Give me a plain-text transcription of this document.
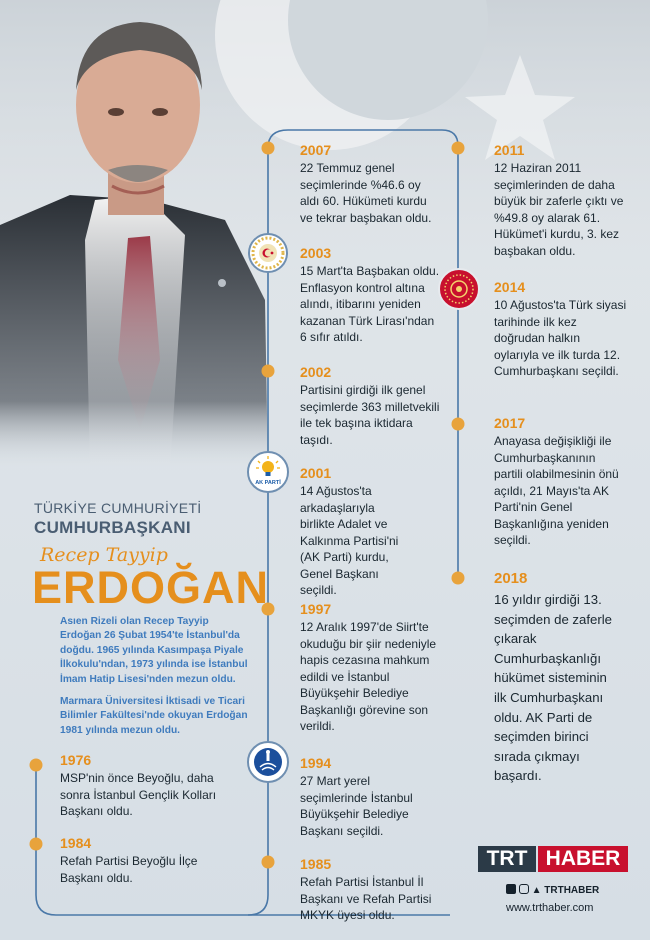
AK PARTİ
TÜRKİYE CUMHURİYETİ
CUMHURBAŞKANI
Recep Tayyip
ERDOĞAN
Asıen Rizeli olan Recep Tayyip Erdoğan 26 Şubat 1954'te İstanbul'da doğdu. 1965 yılında Kasımpaşa Piyale İlkokulu'ndan, 1973 yılında ise İstanbul İmam Hatip Lisesi'nden mezun oldu.
Marmara Üniversitesi İktisadi ve Ticari Bilimler Fakültesi'nde okuyan Erdoğan 1981 yılında mezun oldu.
1976
MSP'nin önce Beyoğlu, daha sonra İstanbul Gençlik Kolları Başkanı oldu.
1984
Refah Partisi Beyoğlu İlçe Başkanı oldu.
2007
22 Temmuz genel seçimlerinde %46.6 oy aldı 60. Hükümeti kurdu ve tekrar başbakan oldu.
2003
15 Mart'ta Başbakan oldu. Enflasyon kontrol altına alındı, itibarını yeniden kazanan Türk Lirası'ndan 6 sıfır atıldı.
2002
Partisini girdiği ilk genel seçimlerde 363 milletvekili ile tek başına iktidara taşıdı.
2001
14 Ağustos'ta arkadaşlarıyla birlikte Adalet ve Kalkınma Partisi'ni (AK Parti) kurdu, Genel Başkanı seçildi.
1997
12 Aralık 1997'de Siirt'te okuduğu bir şiir nedeniyle hapis cezasına mahkum edildi ve İstanbul Büyükşehir Belediye Başkanlığı görevine son verildi.
1994
27 Mart yerel seçimlerinde İstanbul Büyükşehir Belediye Başkanı seçildi.
1985
Refah Partisi İstanbul İl Başkanı ve Refah Partisi MKYK üyesi oldu.
2011
12 Haziran 2011 seçimlerinden de daha büyük bir zaferle çıktı ve %49.8 oy alarak 61. Hükümet'i kurdu, 3. kez başbakan oldu.
2014
10 Ağustos'ta Türk siyasi tarihinde ilk kez doğrudan halkın oylarıyla ve ilk turda 12. Cumhurbaşkanı seçildi.
2017
Anayasa değişikliği ile Cumhurbaşkanının partili olabilmesinin önü açıldı, 21 Mayıs'ta AK Parti'nin Genel Başkanlığına yeniden seçildi.
2018
16 yıldır girdiği 13. seçimden de zaferle çıkarak Cumhurbaşkanlığı hükümet sisteminin ilk Cumhurbaşkanı oldu. AK Parti de seçimden birinci sırada çıkmayı başardı.
TRT HABER
▲ TRTHABER
www.trthaber.com
